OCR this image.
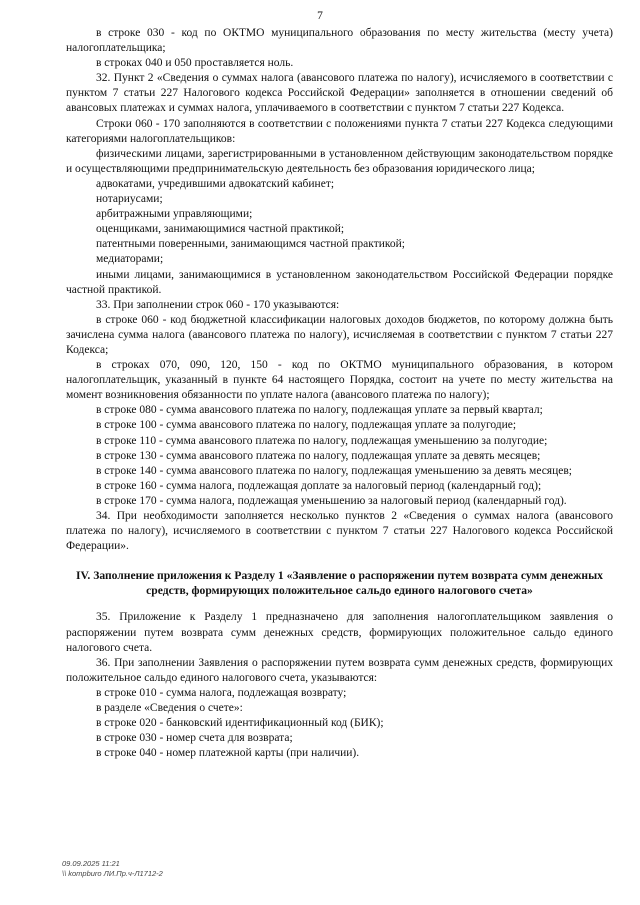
7

в строке 030 - код по ОКТМО муниципального образования по месту жительства (месту учета) налогоплательщика;

в строках 040 и 050 проставляется ноль.

32. Пункт 2 «Сведения о суммах налога (авансового платежа по налогу), исчисляемого в соответствии с пунктом 7 статьи 227 Налогового кодекса Российской Федерации» заполняется в отношении сведений об авансовых платежах и суммах налога, уплачиваемого в соответствии с пунктом 7 статьи 227 Кодекса.

Строки 060 - 170 заполняются в соответствии с положениями пункта 7 статьи 227 Кодекса следующими категориями налогоплательщиков:

физическими лицами, зарегистрированными в установленном действующим законодательством порядке и осуществляющими предпринимательскую деятельность без образования юридического лица;

адвокатами, учредившими адвокатский кабинет;

нотариусами;

арбитражными управляющими;

оценщиками, занимающимися частной практикой;

патентными поверенными, занимающимся частной практикой;

медиаторами;

иными лицами, занимающимися в установленном законодательством Российской Федерации порядке частной практикой.

33. При заполнении строк 060 - 170 указываются:

в строке 060 - код бюджетной классификации налоговых доходов бюджетов, по которому должна быть зачислена сумма налога (авансового платежа по налогу), исчисляемая в соответствии с пунктом 7 статьи 227 Кодекса;

в строках 070, 090, 120, 150 - код по ОКТМО муниципального образования, в котором налогоплательщик, указанный в пункте 64 настоящего Порядка, состоит на учете по месту жительства на момент возникновения обязанности по уплате налога (авансового платежа по налогу);

в строке 080 - сумма авансового платежа по налогу, подлежащая уплате за первый квартал;

в строке 100 - сумма авансового платежа по налогу, подлежащая уплате за полугодие;

в строке 110 - сумма авансового платежа по налогу, подлежащая уменьшению за полугодие;

в строке 130 - сумма авансового платежа по налогу, подлежащая уплате за девять месяцев;

в строке 140 - сумма авансового платежа по налогу, подлежащая уменьшению за девять месяцев;

в строке 160 - сумма налога, подлежащая доплате за налоговый период (календарный год);

в строке 170 - сумма налога, подлежащая уменьшению за налоговый период (календарный год).

34. При необходимости заполняется несколько пунктов 2 «Сведения о суммах налога (авансового платежа по налогу), исчисляемого в соответствии с пунктом 7 статьи 227 Налогового кодекса Российской Федерации».

IV. Заполнение приложения к Разделу 1 «Заявление о распоряжении путем возврата сумм денежных средств, формирующих положительное сальдо единого налогового счета»

35. Приложение к Разделу 1 предназначено для заполнения налогоплательщиком заявления о распоряжении путем возврата сумм денежных средств, формирующих положительное сальдо единого налогового счета.

36. При заполнении Заявления о распоряжении путем возврата сумм денежных средств, формирующих положительное сальдо единого налогового счета, указываются:

в строке 010 - сумма налога, подлежащая возврату;

в разделе «Сведения о счете»:

в строке 020 - банковский идентификационный код (БИК);

в строке 030 - номер счета для возврата;

в строке 040 - номер платежной карты (при наличии).

09.09.2025 11:21
\\ kompburo ЛИ.Пр.ч-Л1712-2
